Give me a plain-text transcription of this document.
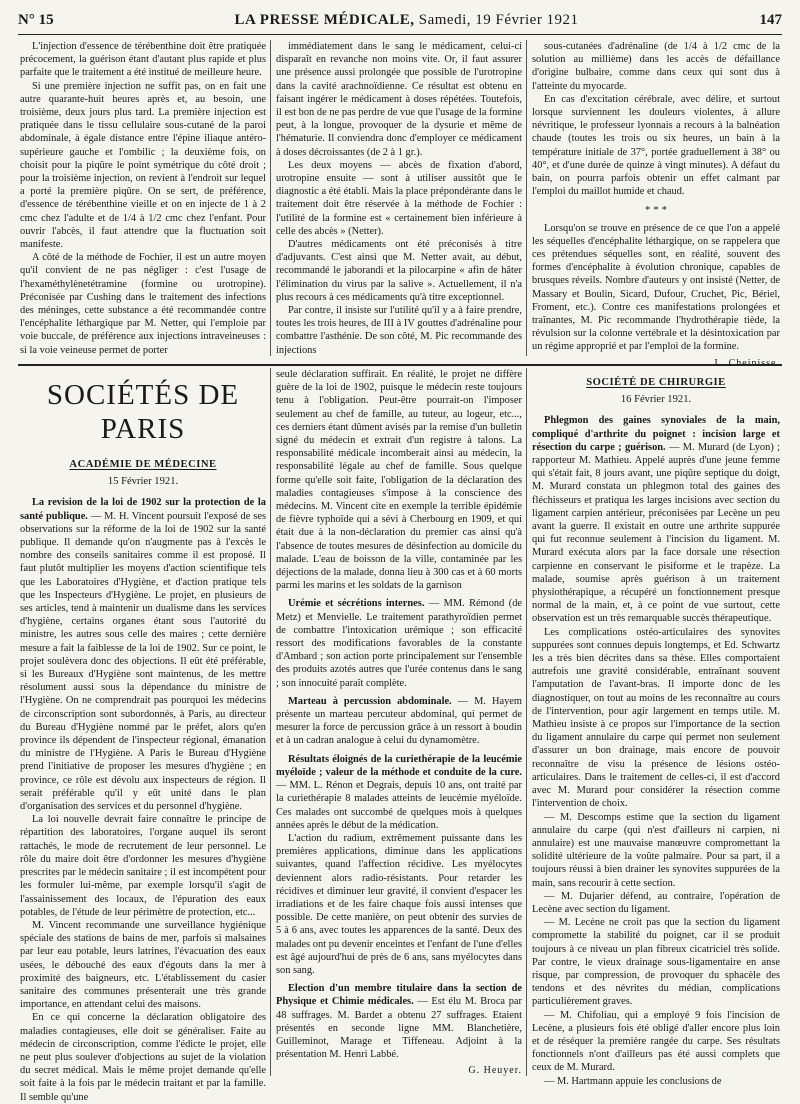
N° 15	LA PRESSE MÉDICALE, Samedi, 19 Février 1921	147

L'injection d'essence de térébenthine doit être pratiquée précocement, la guérison étant d'autant plus rapide et plus parfaite que le traitement a été institué de meilleure heure.

Si une première injection ne suffit pas, on en fait une autre quarante-huit heures après et, au besoin, une troisième, deux jours plus tard. La première injection est pratiquée dans le tissu cellulaire sous-cutané de la paroi abdominale, à égale distance entre l'épine iliaque antéro-supérieure gauche et l'ombilic ; la deuxième fois, on choisit pour la piqûre le point symétrique du côté droit ; pour la troisième injection, on revient à l'endroit sur lequel a porté la première piqûre. On se sert, de préférence, d'essence de térébenthine vieille et on en injecte de 1 à 2 cmc chez l'adulte et de 1/4 à 1/2 cmc chez l'enfant. Pour ouvrir l'abcès, il faut attendre que la fluctuation soit manifeste.

A côté de la méthode de Fochier, il est un autre moyen qu'il convient de ne pas négliger : c'est l'usage de l'hexaméthylènetétramine (formine ou urotropine). Préconisée par Cushing dans le traitement des infections des méninges, cette substance a été recommandée contre l'encéphalite léthargique par M. Netter, qui l'emploie par voie buccale, de préférence aux injections intraveineuses : si la voie veineuse permet de porter

immédiatement dans le sang le médicament, celui-ci disparaît en revanche non moins vite. Or, il faut assurer une présence aussi prolongée que possible de l'urotropine dans la cavité arachnoïdienne. Ce résultat est obtenu en faisant ingérer le médicament à doses répétées. Toutefois, il est bon de ne pas perdre de vue que l'usage de la formine peut, à la longue, provoquer de la dysurie et même de l'hématurie. Il conviendra donc d'employer ce médicament à doses décroissantes (de 2 à 1 gr.).

Les deux moyens — abcès de fixation d'abord, urotropine ensuite — sont à utiliser aussitôt que le diagnostic a été établi. Mais la place prépondérante dans le traitement doit être réservée à la méthode de Fochier : l'utilité de la formine est « certainement bien inférieure à celle des abcès » (Netter).

D'autres médicaments ont été préconisés à titre d'adjuvants. C'est ainsi que M. Netter avait, au début, recommandé le jaborandi et la pilocarpine « afin de hâter l'élimination du virus par la salive ». Actuellement, il n'a plus recours à ces médicaments qu'à titre exceptionnel.

Par contre, il insiste sur l'utilité qu'il y a à faire prendre, toutes les trois heures, de III à IV gouttes d'adrénaline pour combattre l'asthénie. De son côté, M. Pic recommande des injections

sous-cutanées d'adrénaline (de 1/4 à 1/2 cmc de la solution au millième) dans les accès de défaillance d'origine bulbaire, comme dans ceux qui sont dus à l'atteinte du myocarde.

En cas d'excitation cérébrale, avec délire, et surtout lorsque surviennent les douleurs violentes, à allure névritique, le professeur lyonnais a recours à la balnéation chaude (toutes les trois ou six heures, un bain à la température initiale de 37°, portée graduellement à 38° ou 40°, et d'une durée de quinze à vingt minutes). A défaut du bain, on pourra parfois obtenir un effet calmant par l'emploi du maillot humide et chaud.

* * *

Lorsqu'on se trouve en présence de ce que l'on a appelé les séquelles d'encéphalite léthargique, on se rappelera que ces prétendues séquelles sont, en réalité, souvent des formes d'encéphalite à évolution chronique, capables de brusques réveils. Nombre d'auteurs y ont insisté (Netter, de Massary et Boulin, Sicard, Dufour, Cruchet, Pic, Bériel, Froment, etc.). Contre ces manifestations prolongées et traînantes, M. Pic recommande l'hydrothérapie tiède, la révulsion sur la colonne vertébrale et la désintoxication par un régime approprié et par l'emploi de la formine.

L. Cheinisse.
SOCIÉTÉS DE PARIS
ACADÉMIE DE MÉDECINE
15 Février 1921.

La revision de la loi de 1902 sur la protection de la santé publique. — M. H. Vincent poursuit l'exposé de ses observations sur la réforme de la loi de 1902 sur la santé publique. Il demande qu'on n'augmente pas à l'excès le nombre des conseils sanitaires comme il est proposé. Il faut plutôt multiplier les moyens d'action scientifique tels que les Laboratoires d'Hygiène, et d'action pratique tels que les Inspecteurs d'Hygiène. Le projet, en plusieurs de ses articles, tend à maintenir un dualisme dans les services d'hygiène, certains organes étant sous l'autorité du ministre, les autres sous celle des maires ; cette dernière mesure a fait la faiblesse de la loi de 1902. Sur ce point, le projet soulèvera donc des objections. Il eût été préférable, si les Bureaux d'Hygiène sont maintenus, de les mettre résolument aussi sous la dépendance du ministre de l'Hygiène. On ne comprendrait pas pourquoi les médecins de circonscription sont subordonnés, à Paris, au directeur du Bureau d'Hygiène nommé par le préfet, alors qu'en province ils dépendent de l'inspecteur régional, émanation du ministre de l'Hygiène. A Paris le Bureau d'Hygiène prend l'initiative de proposer les mesures d'hygiène ; en province, ce rôle est dévolu aux inspecteurs de région. Il serait préférable qu'il y eût unité dans le plan d'organisation des services et du personnel d'hygiène.

La loi nouvelle devrait faire connaître le principe de répartition des laboratoires, l'organe auquel ils seront rattachés, le mode de recrutement de leur personnel. Le rôle du maire doit être d'ordonner les mesures d'hygiène prescrites par le médecin sanitaire ; il est incompétent pour les formuler lui-même, par exemple lorsqu'il s'agit de l'assainissement des locaux, de l'épuration des eaux potables, de l'étude de leur périmètre de protection, etc...

M. Vincent recommande une surveillance hygiénique spéciale des stations de bains de mer, parfois si malsaines par leur eau potable, leurs latrines, l'évacuation des eaux usées, le débouché des eaux d'égouts dans la mer à proximité des baigneurs, etc. L'établissement du casier sanitaire des communes présenterait une très grande importance, en attendant celui des maisons.

En ce qui concerne la déclaration obligatoire des maladies contagieuses, elle doit se généraliser. Faite au médecin de circonscription, comme l'édicte le projet, elle ne peut plus soulever d'objections au sujet de la violation du secret médical. Mais le même projet demande qu'elle soit faite à la fois par le médecin traitant et par la famille. Il semble qu'une

seule déclaration suffirait. En réalité, le projet ne diffère guère de la loi de 1902, puisque le médecin reste toujours tenu à l'obligation. Peut-être pourrait-on l'imposer seulement au chef de famille, au tuteur, au logeur, etc..., ces derniers étant dûment avisés par la remise d'un bulletin signé du médecin et extrait d'un registre à talons. La responsabilité médicale incomberait ainsi au médecin, la responsabilité légale au chef de famille. Sous quelque forme qu'elle soit faite, l'obligation de la déclaration des maladies contagieuses s'impose à la conscience des médecins. M. Vincent cite en exemple la terrible épidémie de fièvre typhoïde qui a sévi à Cherbourg en 1909, et qui était due à la non-déclaration du premier cas ainsi qu'à l'absence de toutes mesures de désinfection au domicile du malade. L'eau de boisson de la ville, contaminée par les déjections de la malade, donna lieu à 300 cas et à 60 morts parmi les marins et les soldats de la garnison

Urémie et sécrétions internes. — MM. Rémond (de Metz) et Menvielle. Le traitement parathyroïdien permet de combattre l'intoxication urémique ; son efficacité ressort des modifications favorables de la constante d'Ambard ; son action porte principalement sur l'ensemble des produits azotés autres que l'urée contenus dans le sang ; son innocuité paraît complète.

Marteau à percussion abdominale. — M. Hayem présente un marteau percuteur abdominal, qui permet de mesurer la force de percussion grâce à un ressort à boudin et à un cadran analogue à celui du dynamomètre.

Résultats éloignés de la curiethérapie de la leucémie myéloïde ; valeur de la méthode et conduite de la cure. — MM. L. Rénon et Degrais, depuis 10 ans, ont traité par la curiethérapie 8 malades atteints de leucémie myéloïde. Ces malades ont succombé de quelques mois à quelques années après le début de la médication.

L'action du radium, extrêmement puissante dans les premières applications, diminue dans les applications suivantes, quand l'affection récidive. Les myélocytes deviennent alors radio-résistants. Pour retarder les récidives et diminuer leur gravité, il convient d'espacer les irradiations et de les faire chaque fois aussi intenses que possible. De cette manière, on peut obtenir des survies de 5 à 6 ans, avec toutes les apparences de la santé. Deux des malades ont pu devenir enceintes et l'enfant de l'une d'elles est âgé aujourd'hui de près de 6 ans, sans myélocytes dans son sang.

Election d'un membre titulaire dans la section de Physique et Chimie médicales. — Est élu M. Broca par 48 suffrages. M. Bardet a obtenu 27 suffrages. Etaient présentés en seconde ligne MM. Blanchetière, Guilleminot, Marage et Tiffeneau. Adjoint à la présentation M. Henri Labbé.

G. Heuyer.
SOCIÉTÉ DE CHIRURGIE
16 Février 1921.

Phlegmon des gaines synoviales de la main, compliqué d'arthrite du poignet : incision large et résection du carpe ; guérison. — M. Murard (de Lyon) ; rapporteur M. Mathieu. Appelé auprès d'une jeune femme qui s'était fait, 8 jours avant, une piqûre septique du doigt, M. Murard constata un phlegmon total des gaines des fléchisseurs et pratiqua les larges incisions avec section du ligament carpien antérieur, préconisées par Lecène un peu avant la guerre. Il existait en outre une arthrite suppurée qui fut reconnue seulement à l'incision du ligament. M. Murard exécuta alors par la face dorsale une résection carpienne en conservant le pisiforme et le trapèze. La malade, soumise après guérison à un traitement physiothérapique, a récupéré un fonctionnement presque normal de la main, et, à ce point de vue surtout, cette observation est un très remarquable succès thérapeutique.

Les complications ostéo-articulaires des synovites suppurées sont connues depuis longtemps, et Ed. Schwartz les a très bien décrites dans sa thèse. Elles comportaient autrefois une gravité considérable, entraînant souvent l'amputation de l'avant-bras. Il importe donc de les diagnostiquer, on tout au moins de les reconnaître au cours de l'intervention, pour agir largement en temps utile. M. Mathieu insiste à ce propos sur l'importance de la section du ligament annulaire du carpe qui permet non seulement d'assurer un bon drainage, mais encore de pouvoir reconnaître de visu la présence de lésions ostéo-articulaires. Dans le traitement de celles-ci, il est d'accord avec M. Murard pour considérer la résection comme l'intervention de choix.

— M. Descomps estime que la section du ligament annulaire du carpe (qui n'est d'ailleurs ni carpien, ni annulaire) est une mauvaise manœuvre compromettant la solidité ultérieure de la voûte palmaire. Pour sa part, il a toujours réussi à bien drainer les synovites suppurées de la main, sans recourir à cette section.

— M. Dujarier défend, au contraire, l'opération de Lecène avec section du ligament.

— M. Lecène ne croit pas que la section du ligament compromette la stabilité du poignet, car il se produit toujours à ce niveau un plan fibreux cicatriciel très solide. Par contre, le vieux drainage sous-ligamentaire en anse risque, par compression, de provoquer du sphacèle des tendons et des névrites du médian, complications particulièrement graves.

— M. Chifoliau, qui a employé 9 fois l'incision de Lecène, a plusieurs fois été obligé d'aller encore plus loin et de réséquer la première rangée du carpe. Ses résultats fonctionnels n'ont d'ailleurs pas été aussi complets que ceux de M. Murard.

— M. Hartmann appuie les conclusions de
